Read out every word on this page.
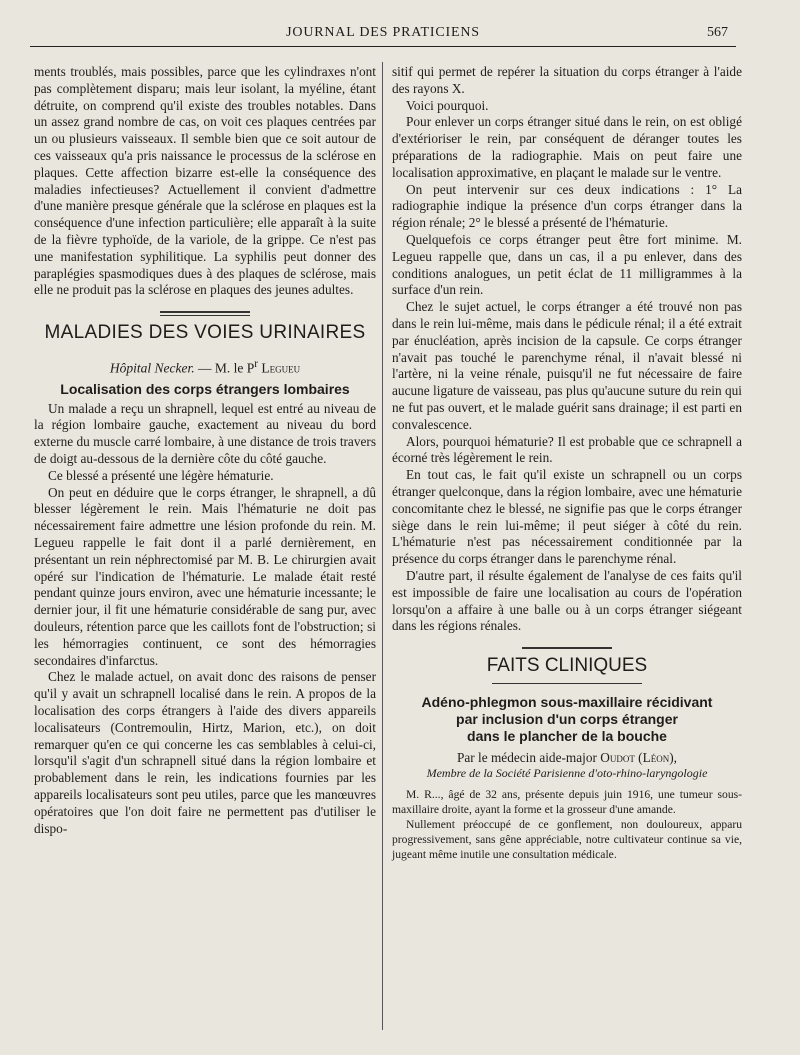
JOURNAL DES PRATICIENS	567

ments troublés, mais possibles, parce que les cylindraxes n'ont pas complètement disparu; mais leur isolant, la myéline, étant détruite, on comprend qu'il existe des troubles notables. Dans un assez grand nombre de cas, on voit ces plaques centrées par un ou plusieurs vaisseaux. Il semble bien que ce soit autour de ces vaisseaux qu'a pris naissance le processus de la sclérose en plaques. Cette affection bizarre est-elle la conséquence des maladies infectieuses? Actuellement il convient d'admettre d'une manière presque générale que la sclérose en plaques est la conséquence d'une infection particulière; elle apparaît à la suite de la fièvre typhoïde, de la variole, de la grippe. Ce n'est pas une manifestation syphilitique. La syphilis peut donner des paraplégies spasmodiques dues à des plaques de sclérose, mais elle ne produit pas la sclérose en plaques des jeunes adultes.

MALADIES DES VOIES URINAIRES
Hôpital Necker. — M. le $P^r$ Legueu
Localisation des corps étrangers lombaires

Un malade a reçu un shrapnell, lequel est entré au niveau de la région lombaire gauche, exactement au niveau du bord externe du muscle carré lombaire, à une distance de trois travers de doigt au-dessous de la dernière côte du côté gauche.

Ce blessé a présenté une légère hématurie.

On peut en déduire que le corps étranger, le shrapnell, a dû blesser légèrement le rein. Mais l'hématurie ne doit pas nécessairement faire admettre une lésion profonde du rein. M. Legueu rappelle le fait dont il a parlé dernièrement, en présentant un rein néphrectomisé par M. B. Le chirurgien avait opéré sur l'indication de l'hématurie. Le malade était resté pendant quinze jours environ, avec une hématurie incessante; le dernier jour, il fit une hématurie considérable de sang pur, avec douleurs, rétention parce que les caillots font de l'obstruction; si les hémorragies continuent, ce sont des hémorragies secondaires d'infarctus.

Chez le malade actuel, on avait donc des raisons de penser qu'il y avait un schrapnell localisé dans le rein. A propos de la localisation des corps étrangers à l'aide des divers appareils localisateurs (Contremoulin, Hirtz, Marion, etc.), on doit remarquer qu'en ce qui concerne les cas semblables à celui-ci, lorsqu'il s'agit d'un schrapnell situé dans la région lombaire et probablement dans le rein, les indications fournies par les appareils localisateurs sont peu utiles, parce que les manœuvres opératoires que l'on doit faire ne permettent pas d'utiliser le dispo-

sitif qui permet de repérer la situation du corps étranger à l'aide des rayons X.

Voici pourquoi.

Pour enlever un corps étranger situé dans le rein, on est obligé d'extérioriser le rein, par conséquent de déranger toutes les préparations de la radiographie. Mais on peut faire une localisation approximative, en plaçant le malade sur le ventre.

On peut intervenir sur ces deux indications : 1° La radiographie indique la présence d'un corps étranger dans la région rénale; 2° le blessé a présenté de l'hématurie.

Quelquefois ce corps étranger peut être fort minime. M. Legueu rappelle que, dans un cas, il a pu enlever, dans des conditions analogues, un petit éclat de 11 milligrammes à la surface d'un rein.

Chez le sujet actuel, le corps étranger a été trouvé non pas dans le rein lui-même, mais dans le pédicule rénal; il a été extrait par énucléation, après incision de la capsule. Ce corps étranger n'avait pas touché le parenchyme rénal, il n'avait blessé ni l'artère, ni la veine rénale, puisqu'il ne fut nécessaire de faire aucune ligature de vaisseau, pas plus qu'aucune suture du rein qui ne fut pas ouvert, et le malade guérit sans drainage; il est parti en convalescence.

Alors, pourquoi hématurie? Il est probable que ce schrapnell a écorné très légèrement le rein.

En tout cas, le fait qu'il existe un schrapnell ou un corps étranger quelconque, dans la région lombaire, avec une hématurie concomitante chez le blessé, ne signifie pas que le corps étranger siège dans le rein lui-même; il peut siéger à côté du rein. L'hématurie n'est pas nécessairement conditionnée par la présence du corps étranger dans le parenchyme rénal.

D'autre part, il résulte également de l'analyse de ces faits qu'il est impossible de faire une localisation au cours de l'opération lorsqu'on a affaire à une balle ou à un corps étranger siégeant dans les régions rénales.

FAITS CLINIQUES
Adéno-phlegmon sous-maxillaire récidivant
par inclusion d'un corps étranger
dans le plancher de la bouche
Par le médecin aide-major Oudot (Léon),
Membre de la Société Parisienne d'oto-rhino-laryngologie

M. R..., âgé de 32 ans, présente depuis juin 1916, une tumeur sous-maxillaire droite, ayant la forme et la grosseur d'une amande.

Nullement préoccupé de ce gonflement, non douloureux, apparu progressivement, sans gêne appréciable, notre cultivateur continue sa vie, jugeant même inutile une consultation médicale.
